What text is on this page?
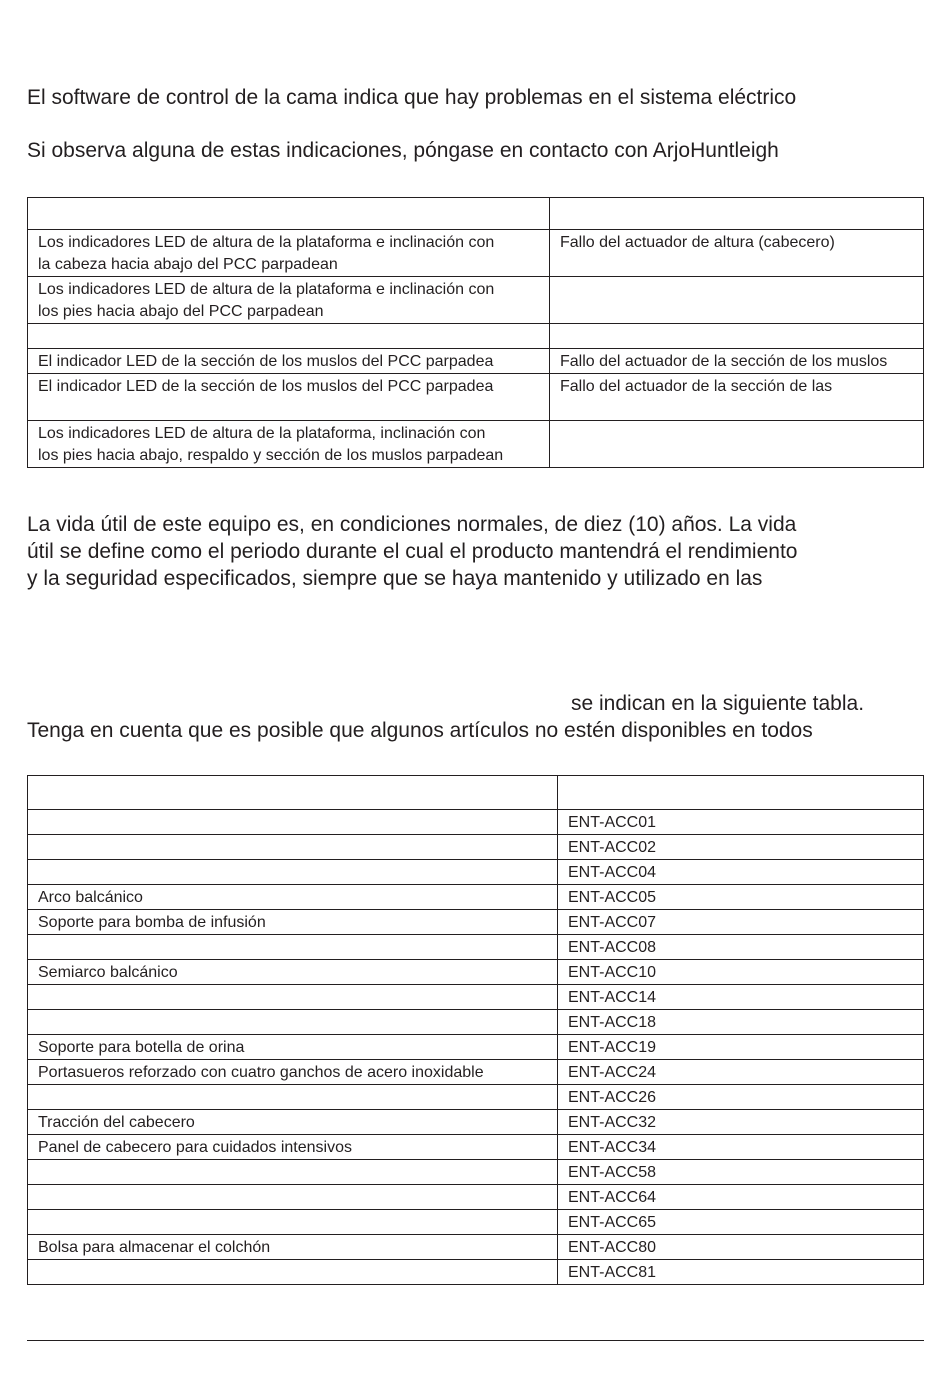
El software de control de la cama indica que hay problemas en el sistema eléctrico

Si observa alguna de estas indicaciones, póngase en contacto con ArjoHuntleigh

Los indicadores LED de altura de la plataforma e inclinación con
la cabeza hacia abajo del PCC parpadean	Fallo del actuador de altura (cabecero)
Los indicadores LED de altura de la plataforma e inclinación con
los pies hacia abajo del PCC parpadean	

El indicador LED de la sección de los muslos del PCC parpadea	Fallo del actuador de la sección de los muslos
El indicador LED de la sección de los muslos del PCC parpadea	Fallo del actuador de la sección de las
Los indicadores LED de altura de la plataforma, inclinación con
los pies hacia abajo, respaldo y sección de los muslos parpadean	

La vida útil de este equipo es, en condiciones normales, de diez (10) años. La vida

útil se define como el periodo durante el cual el producto mantendrá el rendimiento

y la seguridad especificados, siempre que se haya mantenido y utilizado en las

se indican en la siguiente tabla.

Tenga en cuenta que es posible que algunos artículos no estén disponibles en todos

	ENT-ACC01
	ENT-ACC02
	ENT-ACC04
Arco balcánico	ENT-ACC05
Soporte para bomba de infusión	ENT-ACC07
	ENT-ACC08
Semiarco balcánico	ENT-ACC10
	ENT-ACC14
	ENT-ACC18
Soporte para botella de orina	ENT-ACC19
Portasueros reforzado con cuatro ganchos de acero inoxidable	ENT-ACC24
	ENT-ACC26
Tracción del cabecero	ENT-ACC32
Panel de cabecero para cuidados intensivos	ENT-ACC34
	ENT-ACC58
	ENT-ACC64
	ENT-ACC65
Bolsa para almacenar el colchón	ENT-ACC80
	ENT-ACC81
